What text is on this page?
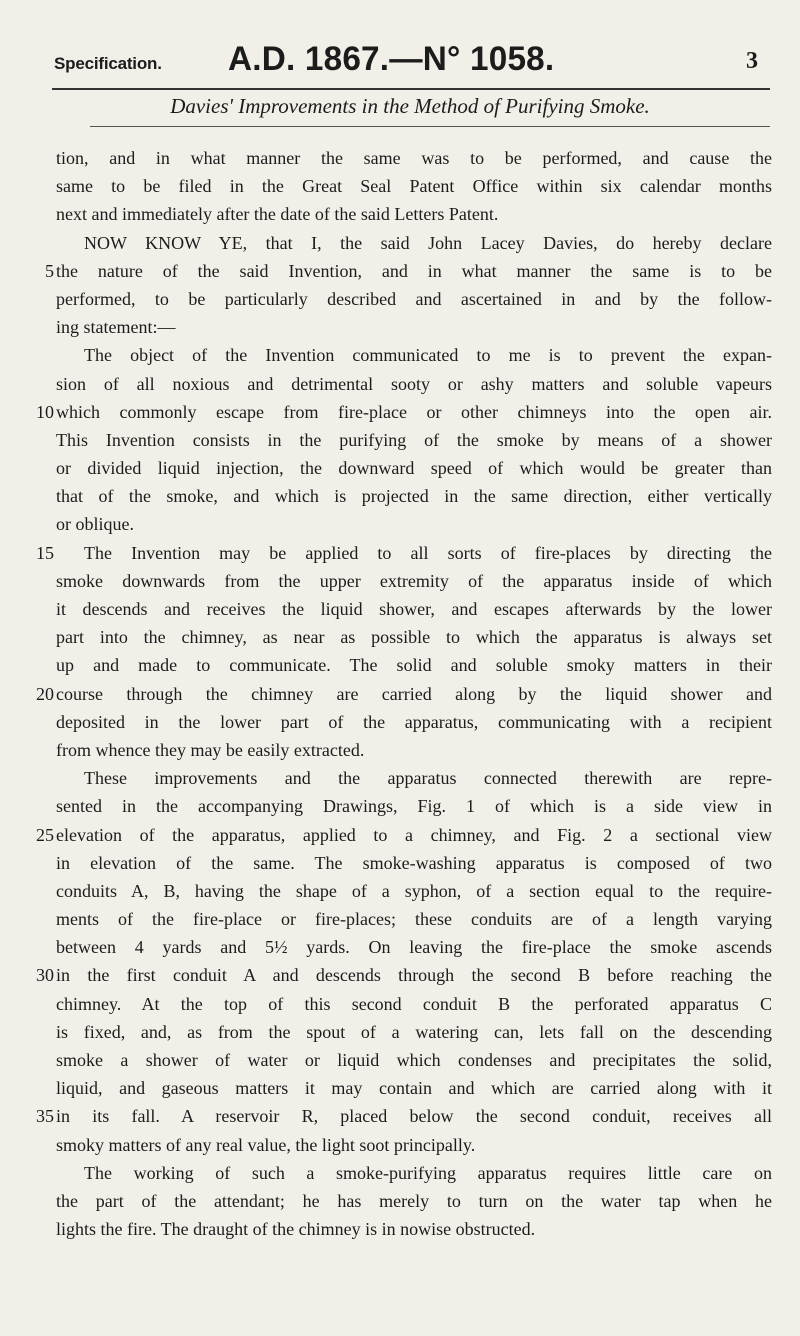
Specification. A.D. 1867.—N° 1058.	3
Davies' Improvements in the Method of Purifying Smoke.
tion, and in what manner the same was to be performed, and cause the
same to be filed in the Great Seal Patent Office within six calendar months
next and immediately after the date of the said Letters Patent.
NOW KNOW YE, that I, the said John Lacey Davies, do hereby declare
5 the nature of the said Invention, and in what manner the same is to be
performed, to be particularly described and ascertained in and by the follow-
ing statement:—
The object of the Invention communicated to me is to prevent the expan-
sion of all noxious and detrimental sooty or ashy matters and soluble vapeurs
10 which commonly escape from fire-place or other chimneys into the open air.
This Invention consists in the purifying of the smoke by means of a shower
or divided liquid injection, the downward speed of which would be greater than
that of the smoke, and which is projected in the same direction, either vertically
or oblique.
15 The Invention may be applied to all sorts of fire-places by directing the
smoke downwards from the upper extremity of the apparatus inside of which
it descends and receives the liquid shower, and escapes afterwards by the lower
part into the chimney, as near as possible to which the apparatus is always set
up and made to communicate. The solid and soluble smoky matters in their
20 course through the chimney are carried along by the liquid shower and
deposited in the lower part of the apparatus, communicating with a recipient
from whence they may be easily extracted.
These improvements and the apparatus connected therewith are repre-
sented in the accompanying Drawings, Fig. 1 of which is a side view in
25 elevation of the apparatus, applied to a chimney, and Fig. 2 a sectional view
in elevation of the same. The smoke-washing apparatus is composed of two
conduits A, B, having the shape of a syphon, of a section equal to the require-
ments of the fire-place or fire-places; these conduits are of a length varying
between 4 yards and 5½ yards. On leaving the fire-place the smoke ascends
30 in the first conduit A and descends through the second B before reaching the
chimney. At the top of this second conduit B the perforated apparatus C
is fixed, and, as from the spout of a watering can, lets fall on the descending
smoke a shower of water or liquid which condenses and precipitates the solid,
liquid, and gaseous matters it may contain and which are carried along with it
35 in its fall. A reservoir R, placed below the second conduit, receives all
smoky matters of any real value, the light soot principally.
The working of such a smoke-purifying apparatus requires little care on
the part of the attendant; he has merely to turn on the water tap when he
lights the fire. The draught of the chimney is in nowise obstructed.
